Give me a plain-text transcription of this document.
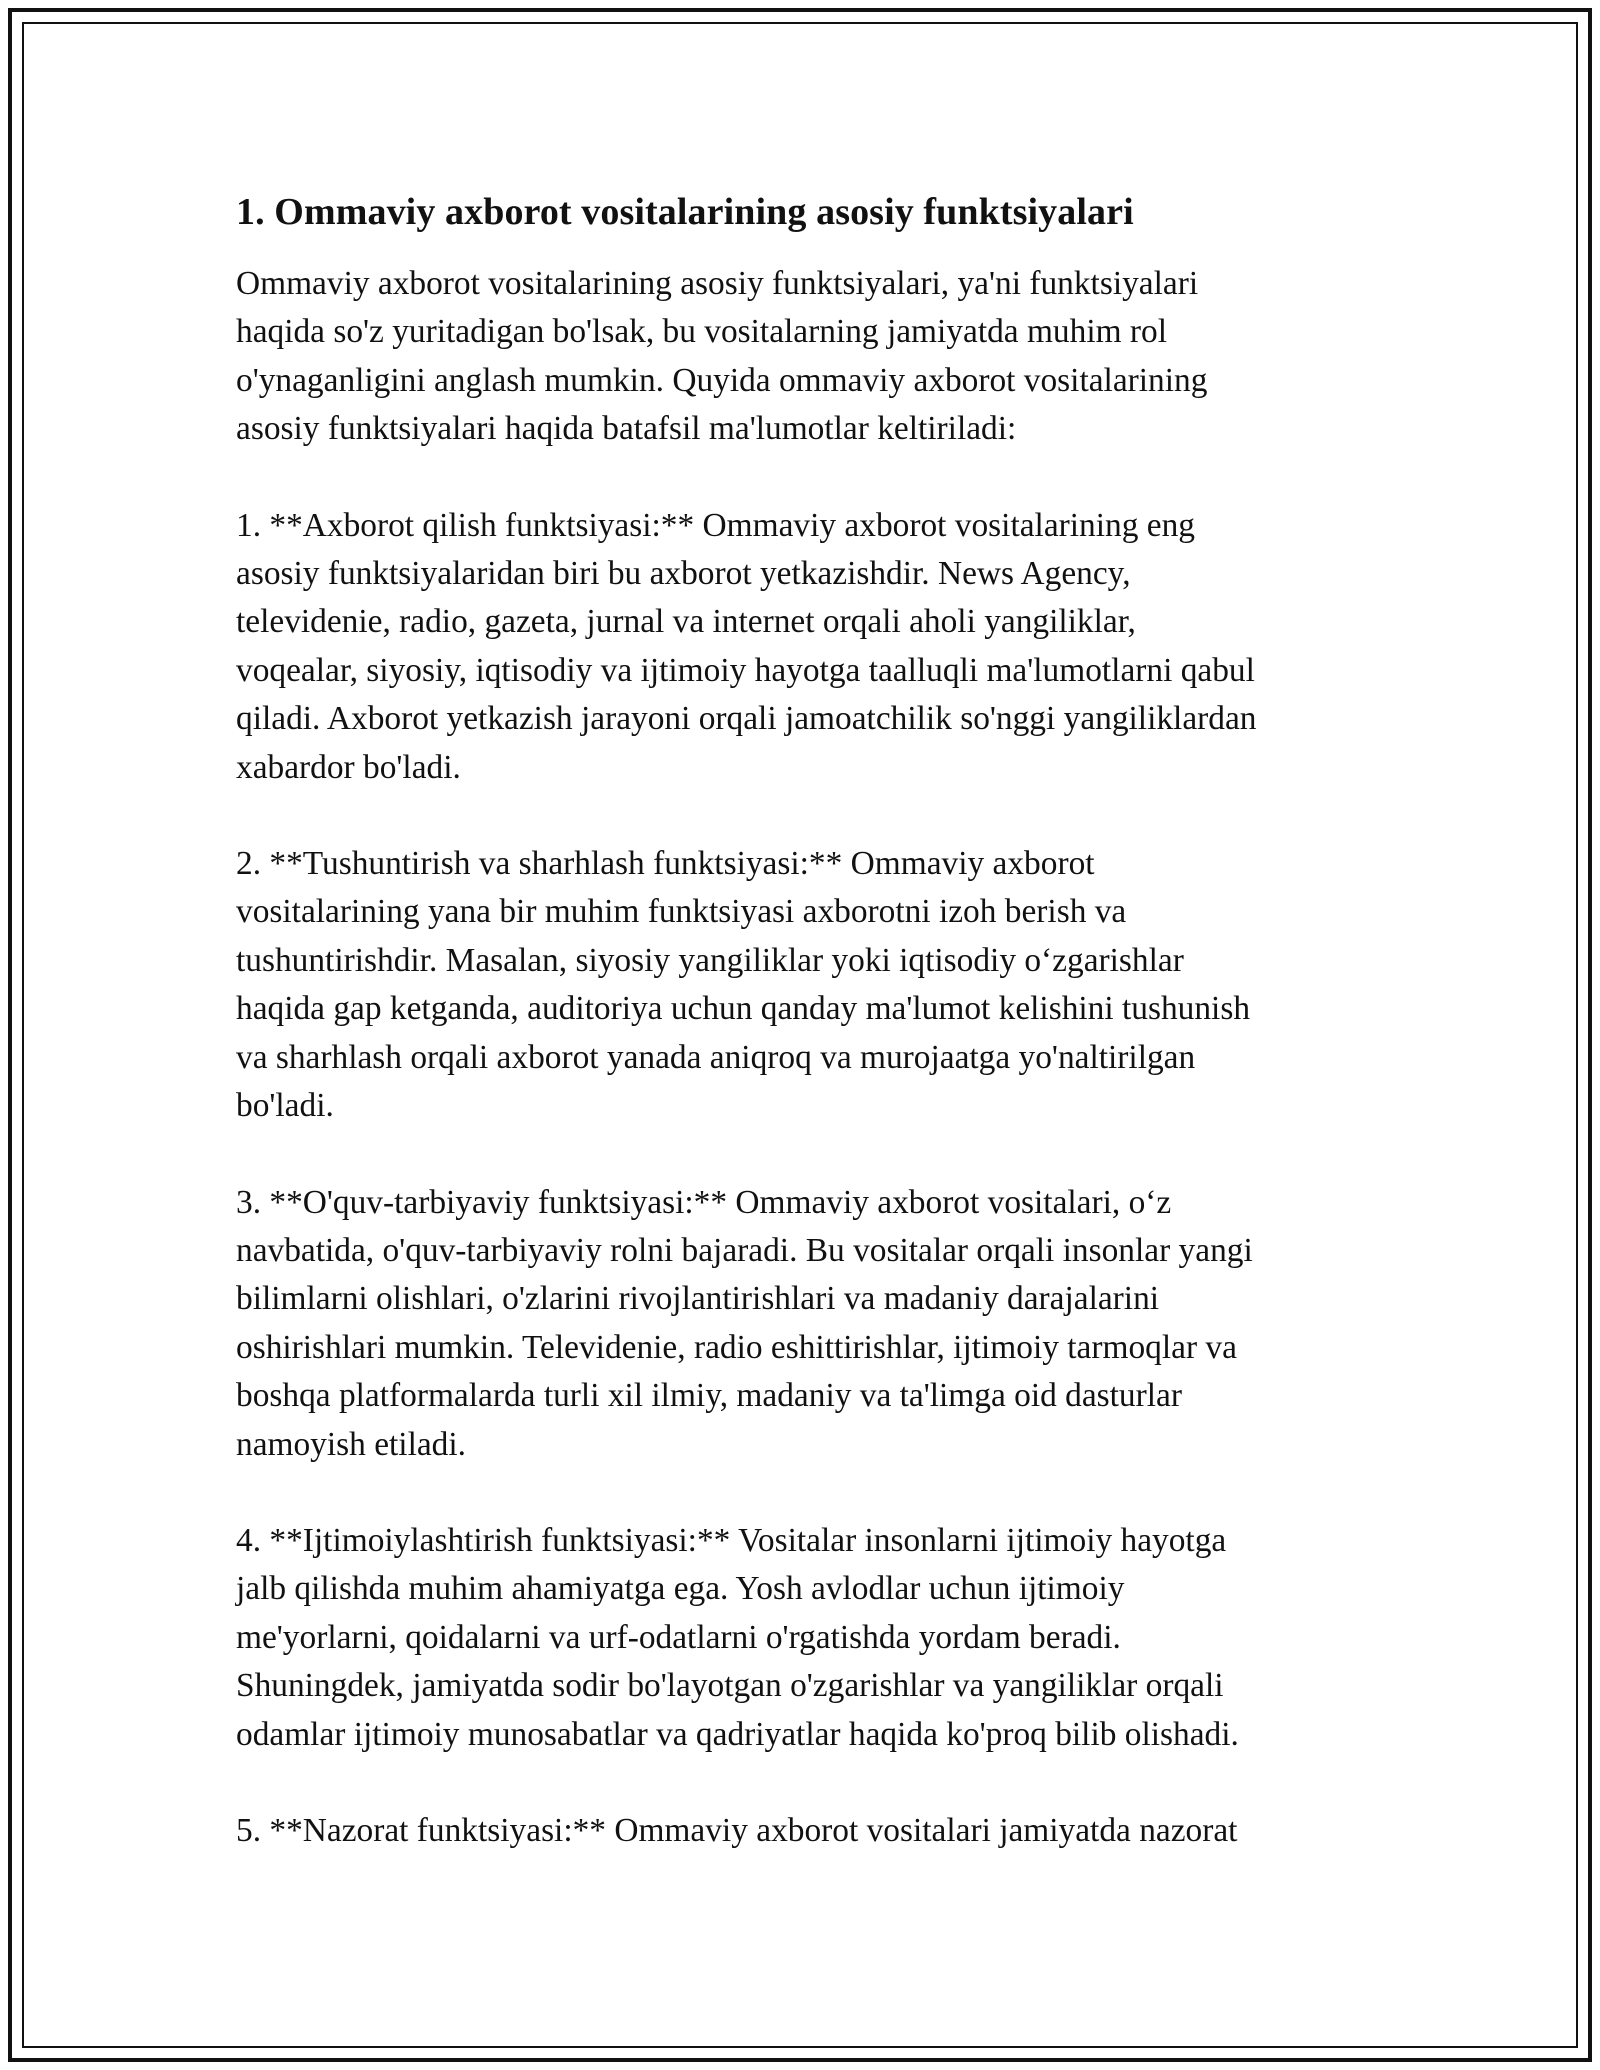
1. Ommaviy axborot vositalarining asosiy funktsiyalari

Ommaviy axborot vositalarining asosiy funktsiyalari, ya'ni funktsiyalari
haqida so'z yuritadigan bo'lsak, bu vositalarning jamiyatda muhim rol
o'ynaganligini anglash mumkin. Quyida ommaviy axborot vositalarining
asosiy funktsiyalari haqida batafsil ma'lumotlar keltiriladi:

1. **Axborot qilish funktsiyasi:** Ommaviy axborot vositalarining eng
asosiy funktsiyalaridan biri bu axborot yetkazishdir. News Agency,
televidenie, radio, gazeta, jurnal va internet orqali aholi yangiliklar,
voqealar, siyosiy, iqtisodiy va ijtimoiy hayotga taalluqli ma'lumotlarni qabul
qiladi. Axborot yetkazish jarayoni orqali jamoatchilik so'nggi yangiliklardan
xabardor bo'ladi.

2. **Tushuntirish va sharhlash funktsiyasi:** Ommaviy axborot
vositalarining yana bir muhim funktsiyasi axborotni izoh berish va
tushuntirishdir. Masalan, siyosiy yangiliklar yoki iqtisodiy o‘zgarishlar
haqida gap ketganda, auditoriya uchun qanday ma'lumot kelishini tushunish
va sharhlash orqali axborot yanada aniqroq va murojaatga yo'naltirilgan
bo'ladi.

3. **O'quv-tarbiyaviy funktsiyasi:** Ommaviy axborot vositalari, o‘z
navbatida, o'quv-tarbiyaviy rolni bajaradi. Bu vositalar orqali insonlar yangi
bilimlarni olishlari, o'zlarini rivojlantirishlari va madaniy darajalarini
oshirishlari mumkin. Televidenie, radio eshittirishlar, ijtimoiy tarmoqlar va
boshqa platformalarda turli xil ilmiy, madaniy va ta'limga oid dasturlar
namoyish etiladi.

4. **Ijtimoiylashtirish funktsiyasi:** Vositalar insonlarni ijtimoiy hayotga
jalb qilishda muhim ahamiyatga ega. Yosh avlodlar uchun ijtimoiy
me'yorlarni, qoidalarni va urf-odatlarni o'rgatishda yordam beradi.
Shuningdek, jamiyatda sodir bo'layotgan o'zgarishlar va yangiliklar orqali
odamlar ijtimoiy munosabatlar va qadriyatlar haqida ko'proq bilib olishadi.

5. **Nazorat funktsiyasi:** Ommaviy axborot vositalari jamiyatda nazorat
